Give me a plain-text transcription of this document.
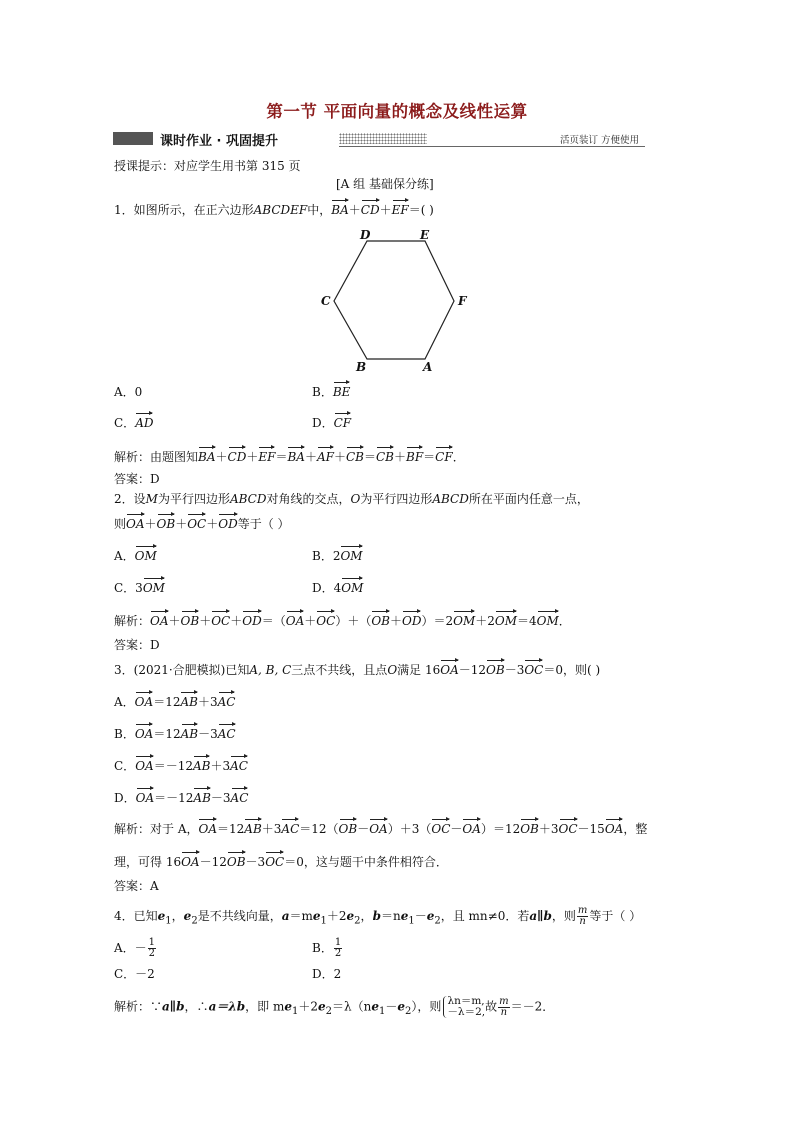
第一节 平面向量的概念及线性运算
课时作业 · 巩固提升	活页装订 方便使用
授课提示：对应学生用书第 315 页
[A 组 基础保分练]
1．如图所示，在正六边形ABCDEF中，BA＋CD＋EF＝( )
D	E
C	F
B	A
A．0	B．BE
C．AD	D．CF
解析：由题图知BA＋CD＋EF＝BA＋AF＋CB＝CB＋BF＝CF．
答案：D
2．设M为平行四边形ABCD对角线的交点，O为平行四边形ABCD所在平面内任意一点，
则OA＋OB＋OC＋OD等于（ ）
A．OM	B．2OM
C．3OM	D．4OM
解析：OA＋OB＋OC＋OD＝（OA＋OC）＋（OB＋OD）＝2OM＋2OM＝4OM．
答案：D
3．(2021·合肥模拟)已知A, B, C三点不共线，且点O满足 16OA－12OB－3OC＝0，则( )
A．OA＝12AB＋3AC
B．OA＝12AB－3AC
C．OA＝－12AB＋3AC
D．OA＝－12AB－3AC
解析：对于 A，OA＝12AB＋3AC＝12（OB－OA）＋3（OC－OA）＝12OB＋3OC－15OA，整
理，可得 16OA－12OB－3OC＝0，这与题干中条件相符合．
答案：A
4．已知$e_1$，$e_2$是不共线向量，$a=me_1+2e_2$，$b=ne_1-e_2$，且 mn≠0．若a∥b，则 $\frac{m}{n}$ 等于（ ）
A．－ $\frac{1}{2}$	B． $\frac{1}{2}$
C．－2	D．2
解析：∵a∥b，∴a＝λb，即 $me_1+2e_2=\lambda(ne_1-e_2)$，则 λn＝m,
－λ＝2, 故 $\frac{m}{n} =-2$．
